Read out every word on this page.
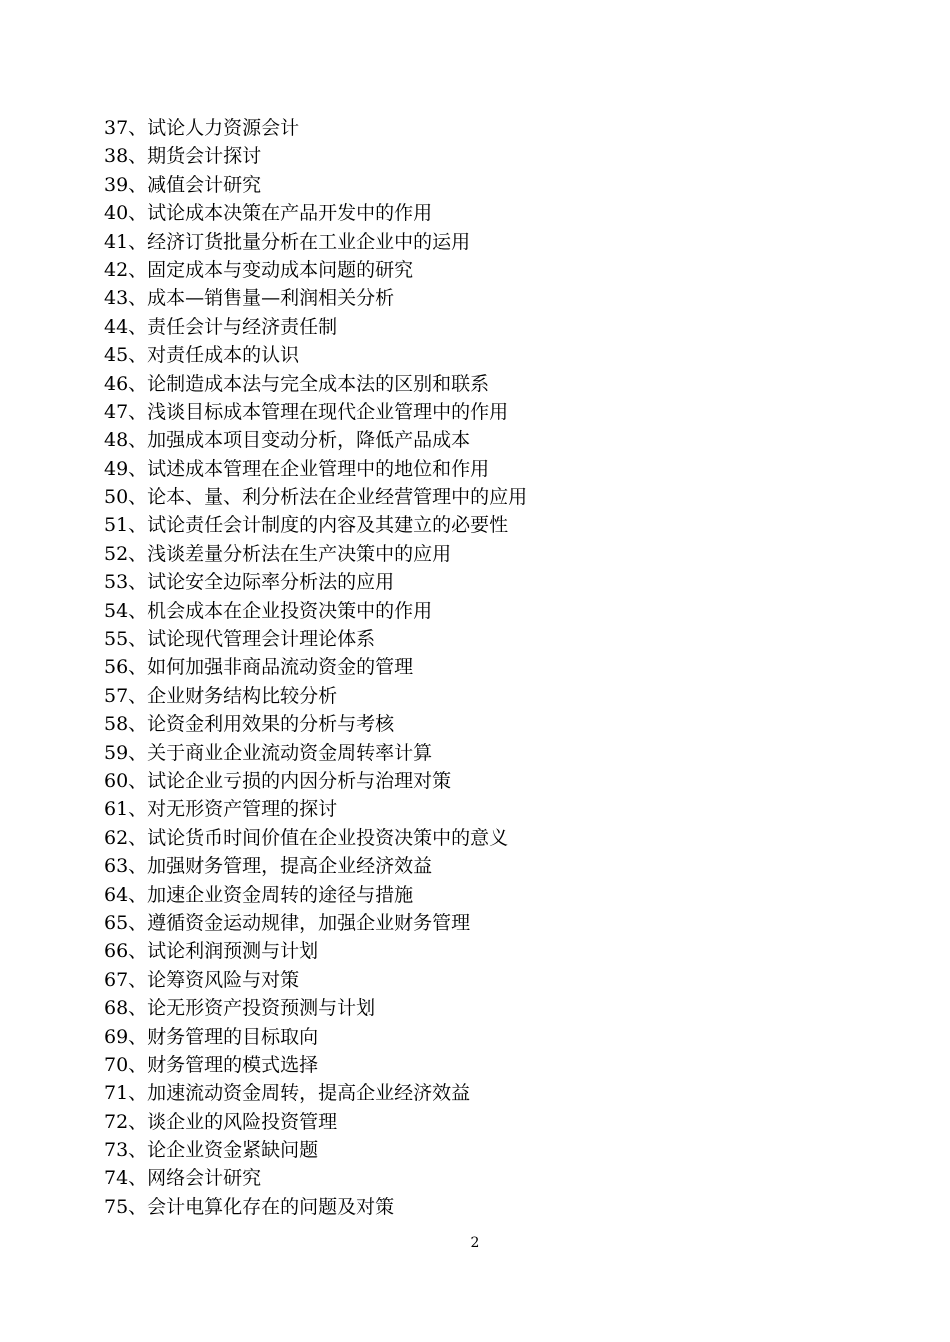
37、试论人力资源会计
38、期货会计探讨
39、减值会计研究
40、试论成本决策在产品开发中的作用
41、经济订货批量分析在工业企业中的运用
42、固定成本与变动成本问题的研究
43、成本—销售量—利润相关分析
44、责任会计与经济责任制
45、对责任成本的认识
46、论制造成本法与完全成本法的区别和联系
47、浅谈目标成本管理在现代企业管理中的作用
48、加强成本项目变动分析，降低产品成本
49、试述成本管理在企业管理中的地位和作用
50、论本、量、利分析法在企业经营管理中的应用
51、试论责任会计制度的内容及其建立的必要性
52、浅谈差量分析法在生产决策中的应用
53、试论安全边际率分析法的应用
54、机会成本在企业投资决策中的作用
55、试论现代管理会计理论体系
56、如何加强非商品流动资金的管理
57、企业财务结构比较分析
58、论资金利用效果的分析与考核
59、关于商业企业流动资金周转率计算
60、试论企业亏损的内因分析与治理对策
61、对无形资产管理的探讨
62、试论货币时间价值在企业投资决策中的意义
63、加强财务管理，提高企业经济效益
64、加速企业资金周转的途径与措施
65、遵循资金运动规律，加强企业财务管理
66、试论利润预测与计划
67、论筹资风险与对策
68、论无形资产投资预测与计划
69、财务管理的目标取向
70、财务管理的模式选择
71、加速流动资金周转，提高企业经济效益
72、谈企业的风险投资管理
73、论企业资金紧缺问题
74、网络会计研究
75、会计电算化存在的问题及对策
2
